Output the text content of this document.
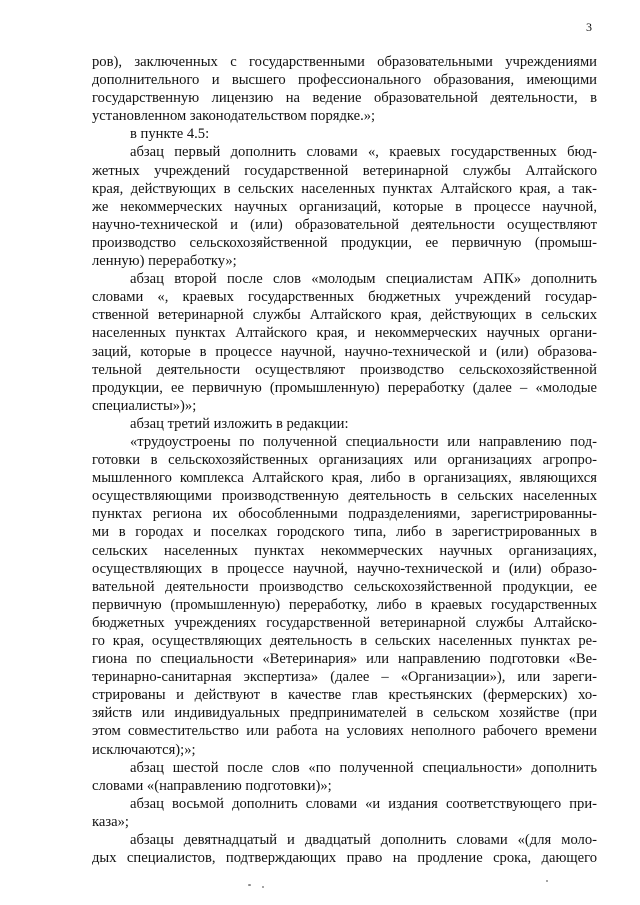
3
ров), заключенных с государственными образовательными учреждениями
дополнительного и высшего профессионального образования, имеющими
государственную лицензию на ведение образовательной деятельности, в
установленном законодательством порядке.»;
в пункте 4.5:
абзац первый дополнить словами «, краевых государственных бюд-
жетных учреждений государственной ветеринарной службы Алтайского
края, действующих в сельских населенных пунктах Алтайского края, а так-
же некоммерческих научных организаций, которые в процессе научной,
научно-технической и (или) образовательной деятельности осуществляют
производство сельскохозяйственной продукции, ее первичную (промыш-
ленную) переработку»;
абзац второй после слов «молодым специалистам АПК» дополнить
словами «, краевых государственных бюджетных учреждений государ-
ственной ветеринарной службы Алтайского края, действующих в сельских
населенных пунктах Алтайского края, и некоммерческих научных органи-
заций, которые в процессе научной, научно-технической и (или) образова-
тельной деятельности осуществляют производство сельскохозяйственной
продукции, ее первичную (промышленную) переработку (далее – «молодые
специалисты»)»;
абзац третий изложить в редакции:
«трудоустроены по полученной специальности или направлению под-
готовки в сельскохозяйственных организациях или организациях агропро-
мышленного комплекса Алтайского края, либо в организациях, являющихся
осуществляющими производственную деятельность в сельских населенных
пунктах региона их обособленными подразделениями, зарегистрированны-
ми в городах и поселках городского типа, либо в зарегистрированных в
сельских населенных пунктах некоммерческих научных организациях,
осуществляющих в процессе научной, научно-технической и (или) образо-
вательной деятельности производство сельскохозяйственной продукции, ее
первичную (промышленную) переработку, либо в краевых государственных
бюджетных учреждениях государственной ветеринарной службы Алтайско-
го края, осуществляющих деятельность в сельских населенных пунктах ре-
гиона по специальности «Ветеринария» или направлению подготовки «Ве-
теринарно-санитарная экспертиза» (далее – «Организации»), или зареги-
стрированы и действуют в качестве глав крестьянских (фермерских) хо-
зяйств или индивидуальных предпринимателей в сельском хозяйстве (при
этом совместительство или работа на условиях неполного рабочего времени
исключаются);»;
абзац шестой после слов «по полученной специальности» дополнить
словами «(направлению подготовки)»;
абзац восьмой дополнить словами «и издания соответствующего при-
каза»;
абзацы девятнадцатый и двадцатый дополнить словами «(для моло-
дых специалистов, подтверждающих право на продление срока, дающего
